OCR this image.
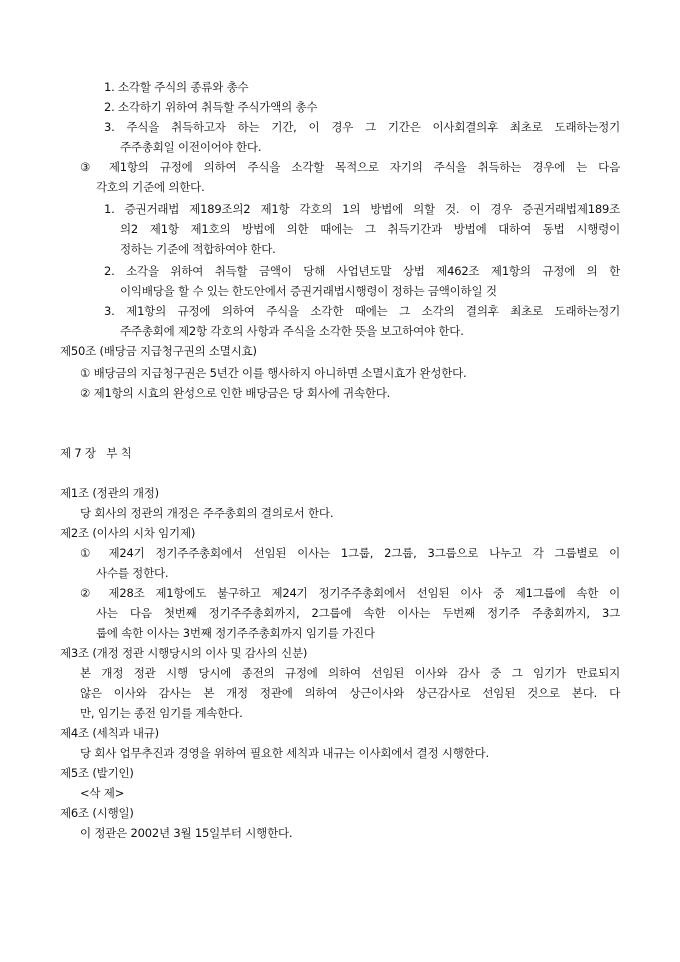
1. 소각할 주식의 종류와 총수
2. 소각하기 위하여 취득할 주식가액의 총수
3. 주식을 취득하고자 하는 기간, 이 경우 그 기간은 이사회결의후 최초로 도래하는정기
주주총회일 이전이어야 한다.
③ 제1항의 규정에 의하여 주식을 소각할 목적으로 자기의 주식을 취득하는 경우에 는 다음
각호의 기준에 의한다.
1. 증권거래법 제189조의2 제1항 각호의 1의 방법에 의할 것. 이 경우 증권거래법제189조
의2 제1항 제1호의 방법에 의한 때에는 그 취득기간과 방법에 대하여 동법 시행령이
정하는 기준에 적합하여야 한다.
2. 소각을 위하여 취득할 금액이 당해 사업년도말 상법 제462조 제1항의 규정에 의 한
이익배당을 할 수 있는 한도안에서 증권거래법시행령이 정하는 금액이하일 것
3. 제1항의 규정에 의하여 주식을 소각한 때에는 그 소각의 결의후 최초로 도래하는정기
주주총회에 제2항 각호의 사항과 주식을 소각한 뜻을 보고하여야 한다.
제50조 (배당금 지급청구권의 소멸시효)
① 배당금의 지급청구권은 5년간 이를 행사하지 아니하면 소멸시효가 완성한다.
② 제1항의 시효의 완성으로 인한 배당금은 당 회사에 귀속한다.
제 7 장   부 칙
제1조 (정관의 개정)
당 회사의 정관의 개정은 주주총회의 결의로서 한다.
제2조 (이사의 시차 임기제)
① 제24기 정기주주총회에서 선임된 이사는 1그룹, 2그룹, 3그룹으로 나누고 각 그룹별로 이
사수를 정한다.
② 제28조 제1항에도 불구하고 제24기 정기주주총회에서 선임된 이사 중 제1그룹에 속한 이
사는 다음 첫번째 정기주주총회까지, 2그룹에 속한 이사는 두번째 정기주 주총회까지, 3그
룹에 속한 이사는 3번째 정기주주총회까지 임기를 가진다
제3조 (개정 정관 시행당시의 이사 및 감사의 신분)
본 개정 정관 시행 당시에 종전의 규정에 의하여 선임된 이사와 감사 중 그 임기가 만료되지
않은 이사와 감사는 본 개정 정관에 의하여 상근이사와 상근감사로 선임된 것으로 본다. 다
만, 임기는 종전 임기를 계속한다.
제4조 (세칙과 내규)
당 회사 업무추진과 경영을 위하여 필요한 세칙과 내규는 이사회에서 결정 시행한다.
제5조 (발기인)
<삭 제>
제6조 (시행일)
이 정관은 2002년 3월 15일부터 시행한다.
